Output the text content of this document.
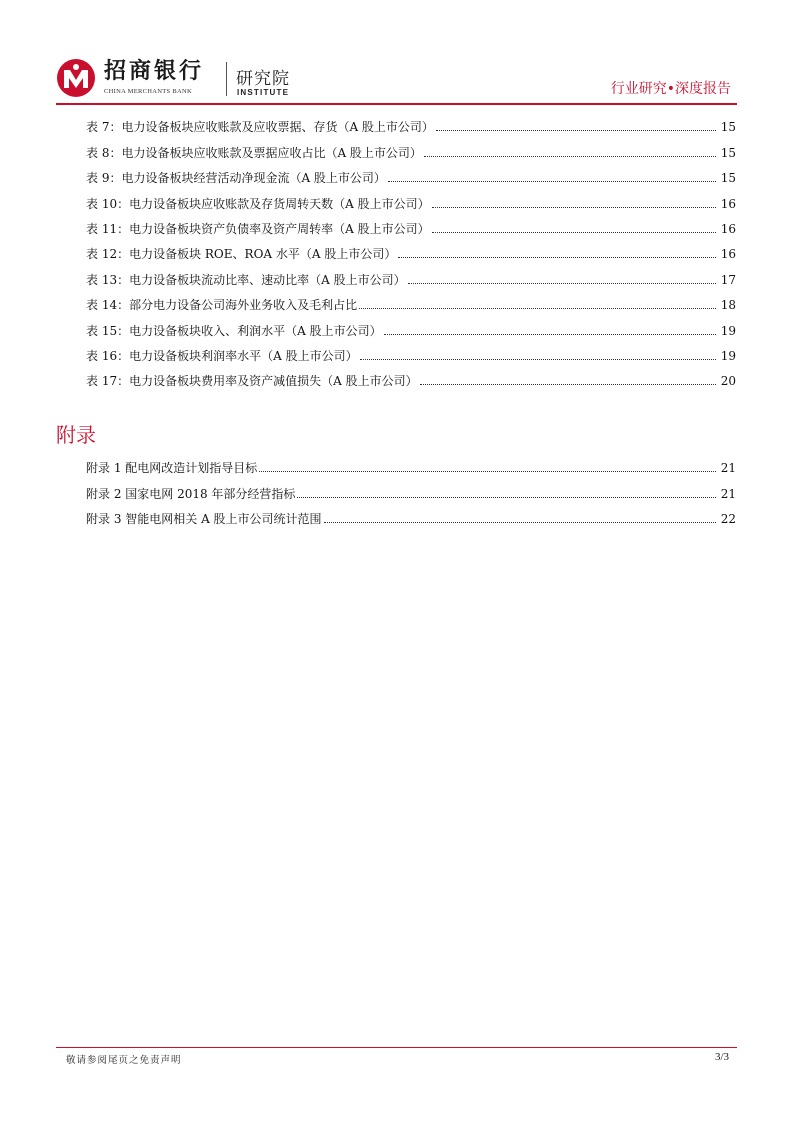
招商银行
CHINA MERCHANTS BANK
研究院
INSTITUTE	行业研究•深度报告
表 7：电力设备板块应收账款及应收票据、存货（A 股上市公司）	15
表 8：电力设备板块应收账款及票据应收占比（A 股上市公司）	15
表 9：电力设备板块经营活动净现金流（A 股上市公司）	15
表 10：电力设备板块应收账款及存货周转天数（A 股上市公司）	16
表 11：电力设备板块资产负债率及资产周转率（A 股上市公司）	16
表 12：电力设备板块 ROE、ROA 水平（A 股上市公司）	16
表 13：电力设备板块流动比率、速动比率（A 股上市公司）	17
表 14：部分电力设备公司海外业务收入及毛利占比	18
表 15：电力设备板块收入、利润水平（A 股上市公司）	19
表 16：电力设备板块利润率水平（A 股上市公司）	19
表 17：电力设备板块费用率及资产减值损失（A 股上市公司）	20
附录
附录 1 配电网改造计划指导目标	21
附录 2 国家电网 2018 年部分经营指标	21
附录 3 智能电网相关 A 股上市公司统计范围	22
敬请参阅尾页之免责声明	3/3
